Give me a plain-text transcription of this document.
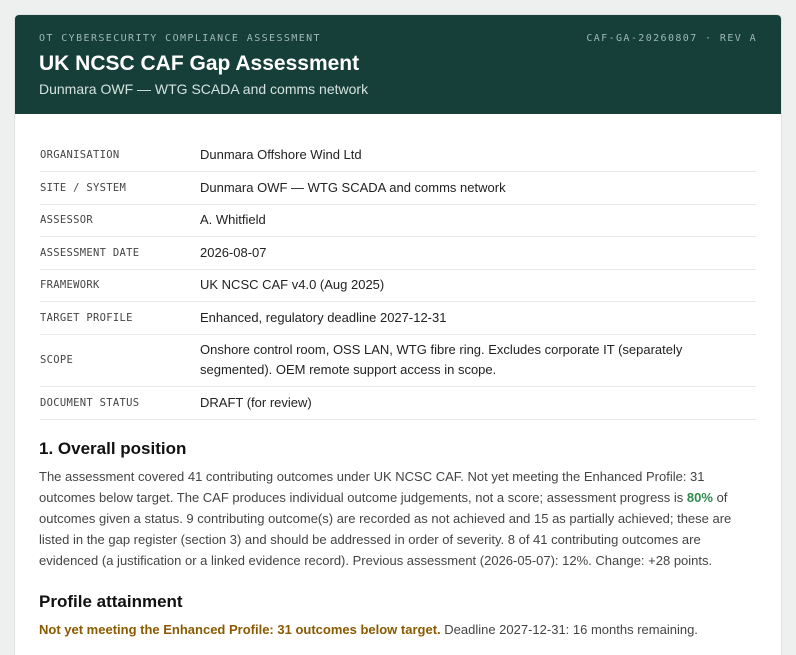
OT CYBERSECURITY COMPLIANCE ASSESSMENT	CAF-GA-20260807 · REV A
UK NCSC CAF Gap Assessment
Dunmara OWF — WTG SCADA and comms network
ORGANISATION	Dunmara Offshore Wind Ltd
SITE / SYSTEM	Dunmara OWF — WTG SCADA and comms network
ASSESSOR	A. Whitfield
ASSESSMENT DATE	2026-08-07
FRAMEWORK	UK NCSC CAF v4.0 (Aug 2025)
TARGET PROFILE	Enhanced, regulatory deadline 2027-12-31
SCOPE	Onshore control room, OSS LAN, WTG fibre ring. Excludes corporate IT (separately segmented). OEM remote support access in scope.
DOCUMENT STATUS	DRAFT (for review)
1. Overall position

The assessment covered 41 contributing outcomes under UK NCSC CAF. Not yet meeting the Enhanced Profile: 31 outcomes below target. The CAF produces individual outcome judgements, not a score; assessment progress is 80% of outcomes given a status. 9 contributing outcome(s) are recorded as not achieved and 15 as partially achieved; these are listed in the gap register (section 3) and should be addressed in order of severity. 8 of 41 contributing outcomes are evidenced (a justification or a linked evidence record). Previous assessment (2026-05-07): 12%. Change: +28 points.

Profile attainment

Not yet meeting the Enhanced Profile: 31 outcomes below target. Deadline 2027-12-31: 16 months remaining.
